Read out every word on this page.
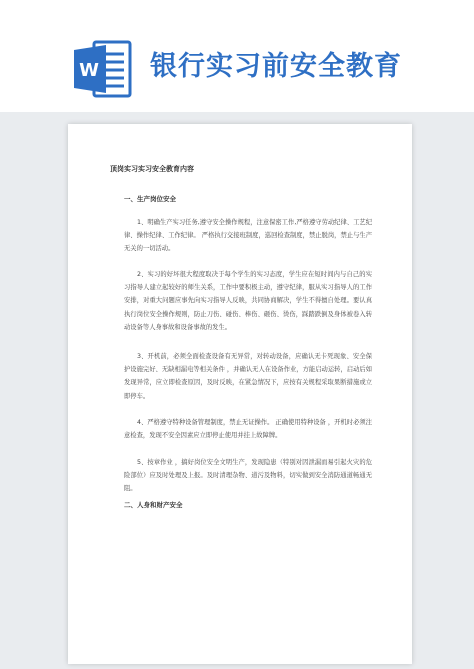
W 银行实习前安全教育
顶岗实习实习安全教育内容
一、生产岗位安全

1、明确生产实习任务,遵守安全操作规程，注意保密工作,严格遵守劳动纪律、工艺纪律、操作纪律、工作纪律。 严格执行交接班制度，巡回检查制度，禁止脱岗，禁止与生产无关的一切活动。

2、实习的好坏很大程度取决于每个学生的实习态度，学生应在短时间内与自己的实习指导人建立起较好的师生关系，工作中要积极主动，遵守纪律，服从实习指导人的工作安排，对重大问题应事先向实习指导人反映，共同协商解决，学生不得擅自处理。要认真执行岗位安全操作规则，防止刀伤、碰伤、棒伤、砸伤、烫伤，踩踏跌倒及身体被卷入转动设备等人身事故和设备事故的发生。

3、开机前，必须全面检查设备有无异常，对转动设备，应确认无卡死现象、安全保护设施完好、无缺相漏电等相关条件 ，并确认无人在设备作业，方能启动运转，启动后如发现异常，应立即检查原因，及时反映，在紧急情况下，应按有关规程采取果断措施或立即停车。

4、严格遵守特种设备管理制度，禁止无证操作。 正确使用特种设备 ，开机时必须注意检查，发现不安全因素应立即停止使用并挂上故障牌。

5、按章作业 ，搞好岗位安全文明生产，发现隐患（特别对因泄漏而易引起火灾的危险部位）应及时处理及上报。及时清理杂物、道污及物料，切实做到安全消防通道畅通无阻。

二、人身和财产安全
